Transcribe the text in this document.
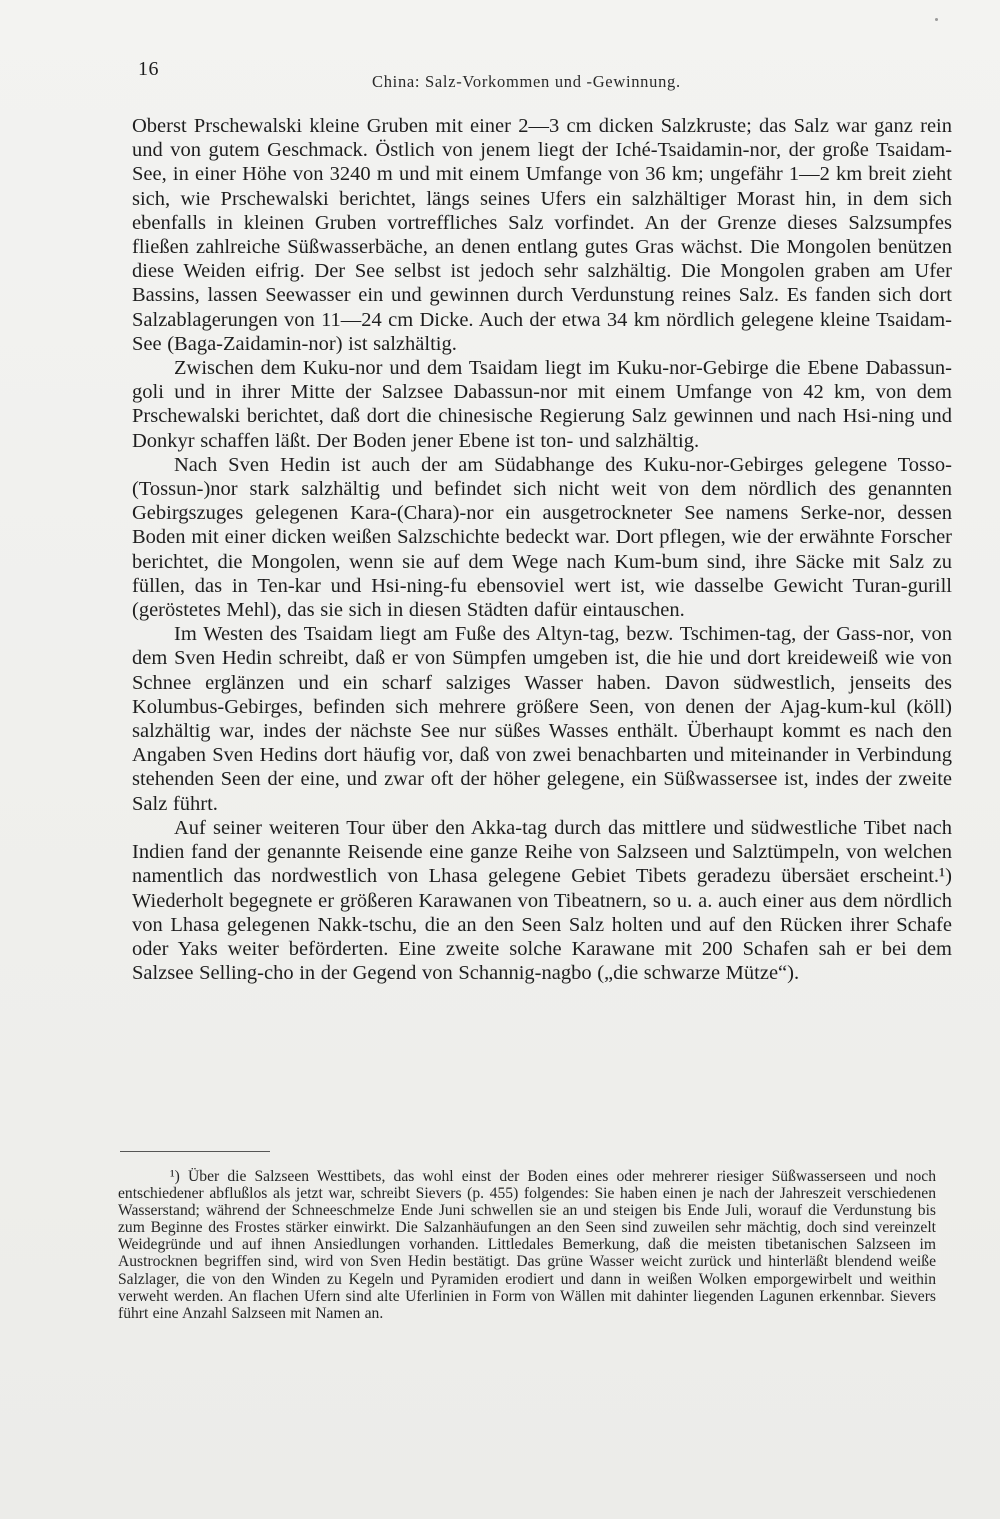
16
China: Salz-Vorkommen und -Gewinnung.

Oberst Prschewalski kleine Gruben mit einer 2—3 cm dicken Salzkruste; das Salz war ganz rein und von gutem Geschmack. Östlich von jenem liegt der Iché-Tsaidamin-nor, der große Tsaidam-See, in einer Höhe von 3240 m und mit einem Umfange von 36 km; ungefähr 1—2 km breit zieht sich, wie Prschewalski berichtet, längs seines Ufers ein salzhältiger Morast hin, in dem sich ebenfalls in kleinen Gruben vortreffliches Salz vorfindet. An der Grenze dieses Salzsumpfes fließen zahlreiche Süßwasserbäche, an denen entlang gutes Gras wächst. Die Mongolen benützen diese Weiden eifrig. Der See selbst ist jedoch sehr salzhältig. Die Mongolen graben am Ufer Bassins, lassen Seewasser ein und gewinnen durch Verdunstung reines Salz. Es fanden sich dort Salzablagerungen von 11—24 cm Dicke. Auch der etwa 34 km nördlich gelegene kleine Tsaidam-See (Baga-Zaidamin-nor) ist salzhältig.

Zwischen dem Kuku-nor und dem Tsaidam liegt im Kuku-nor-Gebirge die Ebene Dabassun-goli und in ihrer Mitte der Salzsee Dabassun-nor mit einem Umfange von 42 km, von dem Prschewalski berichtet, daß dort die chinesische Regierung Salz gewinnen und nach Hsi-ning und Donkyr schaffen läßt. Der Boden jener Ebene ist ton- und salzhältig.

Nach Sven Hedin ist auch der am Südabhange des Kuku-nor-Gebirges gelegene Tosso-(Tossun-)nor stark salzhältig und befindet sich nicht weit von dem nördlich des genannten Gebirgszuges gelegenen Kara-(Chara)-nor ein ausgetrockneter See namens Serke-nor, dessen Boden mit einer dicken weißen Salzschichte bedeckt war. Dort pflegen, wie der erwähnte Forscher berichtet, die Mongolen, wenn sie auf dem Wege nach Kum-bum sind, ihre Säcke mit Salz zu füllen, das in Ten-kar und Hsi-ning-fu ebensoviel wert ist, wie dasselbe Gewicht Turan-gurill (geröstetes Mehl), das sie sich in diesen Städten dafür eintauschen.

Im Westen des Tsaidam liegt am Fuße des Altyn-tag, bezw. Tschimen-tag, der Gass-nor, von dem Sven Hedin schreibt, daß er von Sümpfen umgeben ist, die hie und dort kreideweiß wie von Schnee erglänzen und ein scharf salziges Wasser haben. Davon südwestlich, jenseits des Kolumbus-Gebirges, befinden sich mehrere größere Seen, von denen der Ajag-kum-kul (köll) salzhältig war, indes der nächste See nur süßes Wasses enthält. Überhaupt kommt es nach den Angaben Sven Hedins dort häufig vor, daß von zwei benachbarten und miteinander in Verbindung stehenden Seen der eine, und zwar oft der höher gelegene, ein Süßwassersee ist, indes der zweite Salz führt.

Auf seiner weiteren Tour über den Akka-tag durch das mittlere und südwestliche Tibet nach Indien fand der genannte Reisende eine ganze Reihe von Salzseen und Salztümpeln, von welchen namentlich das nordwestlich von Lhasa gelegene Gebiet Tibets geradezu übersäet erscheint.¹) Wiederholt begegnete er größeren Karawanen von Tibeatnern, so u. a. auch einer aus dem nördlich von Lhasa gelegenen Nakk-tschu, die an den Seen Salz holten und auf den Rücken ihrer Schafe oder Yaks weiter beförderten. Eine zweite solche Karawane mit 200 Schafen sah er bei dem Salzsee Selling-cho in der Gegend von Schannig-nagbo („die schwarze Mütze“).

¹) Über die Salzseen Westtibets, das wohl einst der Boden eines oder mehrerer riesiger Süßwasserseen und noch entschiedener abflußlos als jetzt war, schreibt Sievers (p. 455) folgendes: Sie haben einen je nach der Jahreszeit verschiedenen Wasserstand; während der Schneeschmelze Ende Juni schwellen sie an und steigen bis Ende Juli, worauf die Verdunstung bis zum Beginne des Frostes stärker einwirkt. Die Salzanhäufungen an den Seen sind zuweilen sehr mächtig, doch sind vereinzelt Weidegründe und auf ihnen Ansiedlungen vorhanden. Littledales Bemerkung, daß die meisten tibetanischen Salzseen im Austrocknen begriffen sind, wird von Sven Hedin bestätigt. Das grüne Wasser weicht zurück und hinterläßt blendend weiße Salzlager, die von den Winden zu Kegeln und Pyramiden erodiert und dann in weißen Wolken emporgewirbelt und weithin verweht werden. An flachen Ufern sind alte Uferlinien in Form von Wällen mit dahinter liegenden Lagunen erkennbar. Sievers führt eine Anzahl Salzseen mit Namen an.
